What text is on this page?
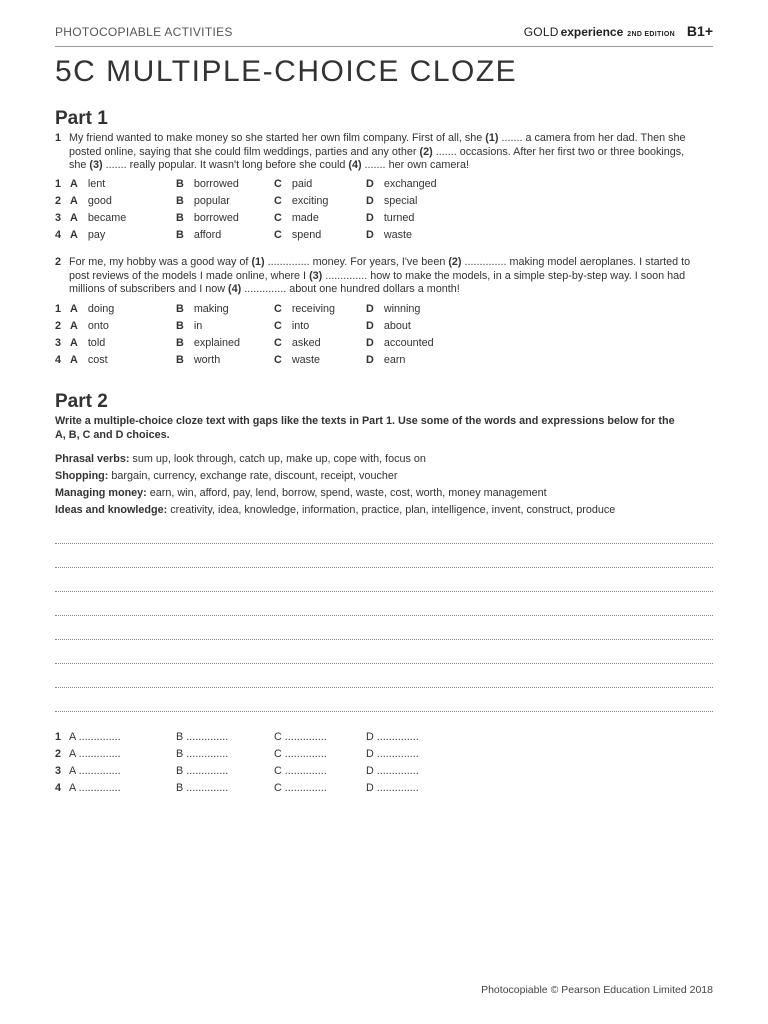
PHOTOCOPIABLE ACTIVITIES	GOLD experience 2ND EDITION B1+
5C MULTIPLE-CHOICE CLOZE
Part 1
1 My friend wanted to make money so she started her own film company. First of all, she (1) ....... a camera from her dad. Then she posted online, saying that she could film weddings, parties and any other (2) ....... occasions. After her first two or three bookings, she (3) ....... really popular. It wasn't long before she could (4) ....... her own camera!
1 A lent	B borrowed	C paid	D exchanged
2 A good	B popular	C exciting	D special
3 A became	B borrowed	C made	D turned
4 A pay	B afford	C spend	D waste
2 For me, my hobby was a good way of (1) .............. money. For years, I've been (2) .............. making model aeroplanes. I started to post reviews of the models I made online, where I (3) .............. how to make the models, in a simple step-by-step way. I soon had millions of subscribers and I now (4) .............. about one hundred dollars a month!
1 A doing	B making	C receiving	D winning
2 A onto	B in	C into	D about
3 A told	B explained	C asked	D accounted
4 A cost	B worth	C waste	D earn
Part 2
Write a multiple-choice cloze text with gaps like the texts in Part 1. Use some of the words and expressions below for the A, B, C and D choices.
Phrasal verbs: sum up, look through, catch up, make up, cope with, focus on
Shopping: bargain, currency, exchange rate, discount, receipt, voucher
Managing money: earn, win, afford, pay, lend, borrow, spend, waste, cost, worth, money management
Ideas and knowledge: creativity, idea, knowledge, information, practice, plan, intelligence, invent, construct, produce
1 A ..............	B ..............	C ..............	D ..............
2 A ..............	B ..............	C ..............	D ..............
3 A ..............	B ..............	C ..............	D ..............
4 A ..............	B ..............	C ..............	D ..............
Photocopiable © Pearson Education Limited 2018
